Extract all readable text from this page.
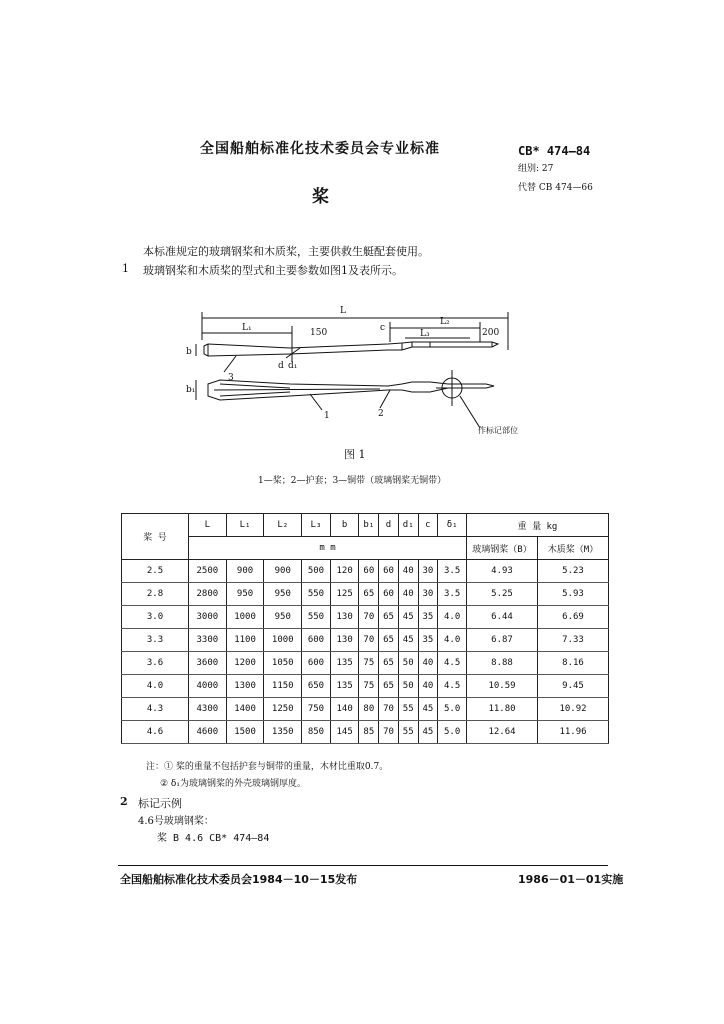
全国船舶标准化技术委员会专业标准	CB* 474—84
组别: 27
桨	代替 CB 474—66
本标准规定的玻璃钢桨和木质桨，主要供救生艇配套使用。
1 玻璃钢桨和木质桨的型式和主要参数如图1及表所示。
L
L₁
L₂
L₃
150	200
b
b₁
d d₁
c
1	2
3
作标记部位
图 1
1—桨；2—护套；3—铜带（玻璃钢桨无铜带）
桨 号	L	L₁	L₂	L₃	b	b₁	d	d₁	c	δ₁	重 量 kg	
	m m										玻璃钢桨（B）	木质桨（M）
2.5	2500	900	900	500	120	60	60	40	30	3.5	4.93	5.23
2.8	2800	950	950	550	125	65	60	40	30	3.5	5.25	5.93
3.0	3000	1000	950	550	130	70	65	45	35	4.0	6.44	6.69
3.3	3300	1100	1000	600	130	70	65	45	35	4.0	6.87	7.33
3.6	3600	1200	1050	600	135	75	65	50	40	4.5	8.88	8.16
4.0	4000	1300	1150	650	135	75	65	50	40	4.5	10.59	9.45
4.3	4300	1400	1250	750	140	80	70	55	45	5.0	11.80	10.92
4.6	4600	1500	1350	850	145	85	70	55	45	5.0	12.64	11.96
注：① 桨的重量不包括护套与铜带的重量，木材比重取0.7。
② δ₁为玻璃钢桨的外壳玻璃钢厚度。
2 标记示例
4.6号玻璃钢桨：
桨 B 4.6 CB* 474—84
全国船舶标准化技术委员会1984－10－15发布	1986－01－01实施
